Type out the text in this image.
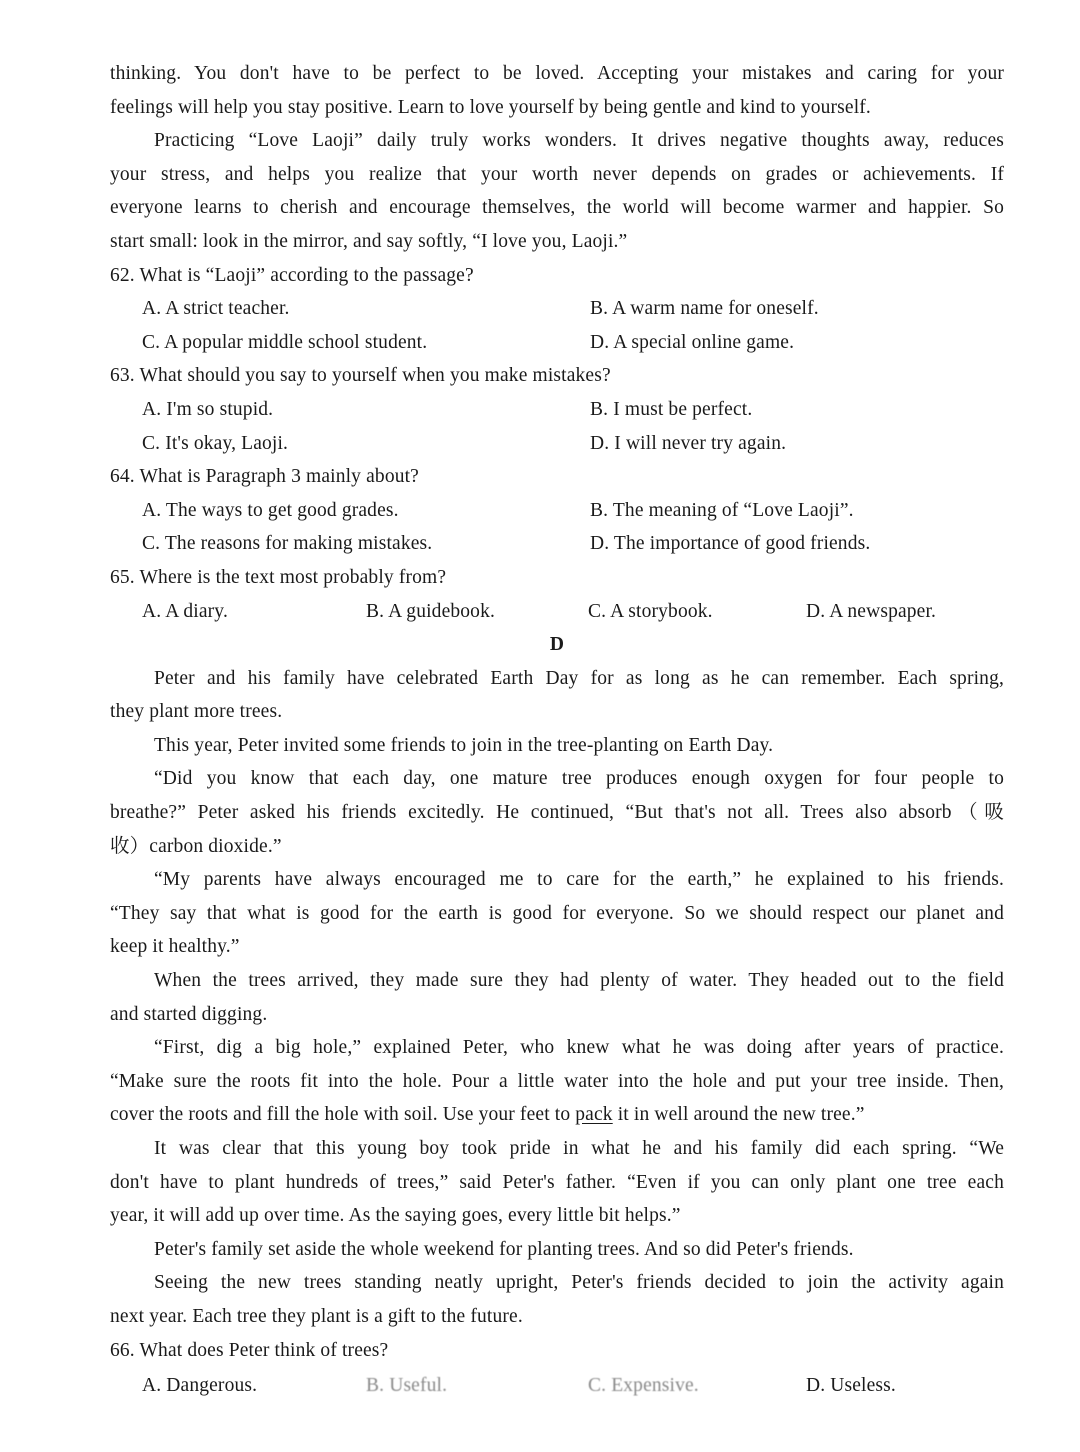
thinking. You don't have to be perfect to be loved. Accepting your mistakes and caring for your
feelings will help you stay positive. Learn to love yourself by being gentle and kind to yourself.
Practicing “Love Laoji” daily truly works wonders. It drives negative thoughts away, reduces
your stress, and helps you realize that your worth never depends on grades or achievements. If
everyone learns to cherish and encourage themselves, the world will become warmer and happier. So
start small: look in the mirror, and say softly, “I love you, Laoji.”
62. What is “Laoji” according to the passage?
A. A strict teacher.	B. A warm name for oneself.
C. A popular middle school student.	D. A special online game.
63. What should you say to yourself when you make mistakes?
A. I'm so stupid.	B. I must be perfect.
C. It's okay, Laoji.	D. I will never try again.
64. What is Paragraph 3 mainly about?
A. The ways to get good grades.	B. The meaning of “Love Laoji”.
C. The reasons for making mistakes.	D. The importance of good friends.
65. Where is the text most probably from?
A. A diary.	B. A guidebook.	C. A storybook.	D. A newspaper.
D
Peter and his family have celebrated Earth Day for as long as he can remember. Each spring,
they plant more trees.
This year, Peter invited some friends to join in the tree-planting on Earth Day.
“Did you know that each day, one mature tree produces enough oxygen for four people to
breathe?” Peter asked his friends excitedly. He continued, “But that's not all. Trees also absorb（吸
收）carbon dioxide.”
“My parents have always encouraged me to care for the earth,” he explained to his friends.
“They say that what is good for the earth is good for everyone. So we should respect our planet and
keep it healthy.”
When the trees arrived, they made sure they had plenty of water. They headed out to the field
and started digging.
“First, dig a big hole,” explained Peter, who knew what he was doing after years of practice.
“Make sure the roots fit into the hole. Pour a little water into the hole and put your tree inside. Then,
cover the roots and fill the hole with soil. Use your feet to pack it in well around the new tree.”
It was clear that this young boy took pride in what he and his family did each spring. “We
don't have to plant hundreds of trees,” said Peter's father. “Even if you can only plant one tree each
year, it will add up over time. As the saying goes, every little bit helps.”
Peter's family set aside the whole weekend for planting trees. And so did Peter's friends.
Seeing the new trees standing neatly upright, Peter's friends decided to join the activity again
next year. Each tree they plant is a gift to the future.
66. What does Peter think of trees?
A. Dangerous.	B. Useful.	C. Expensive.	D. Useless.
